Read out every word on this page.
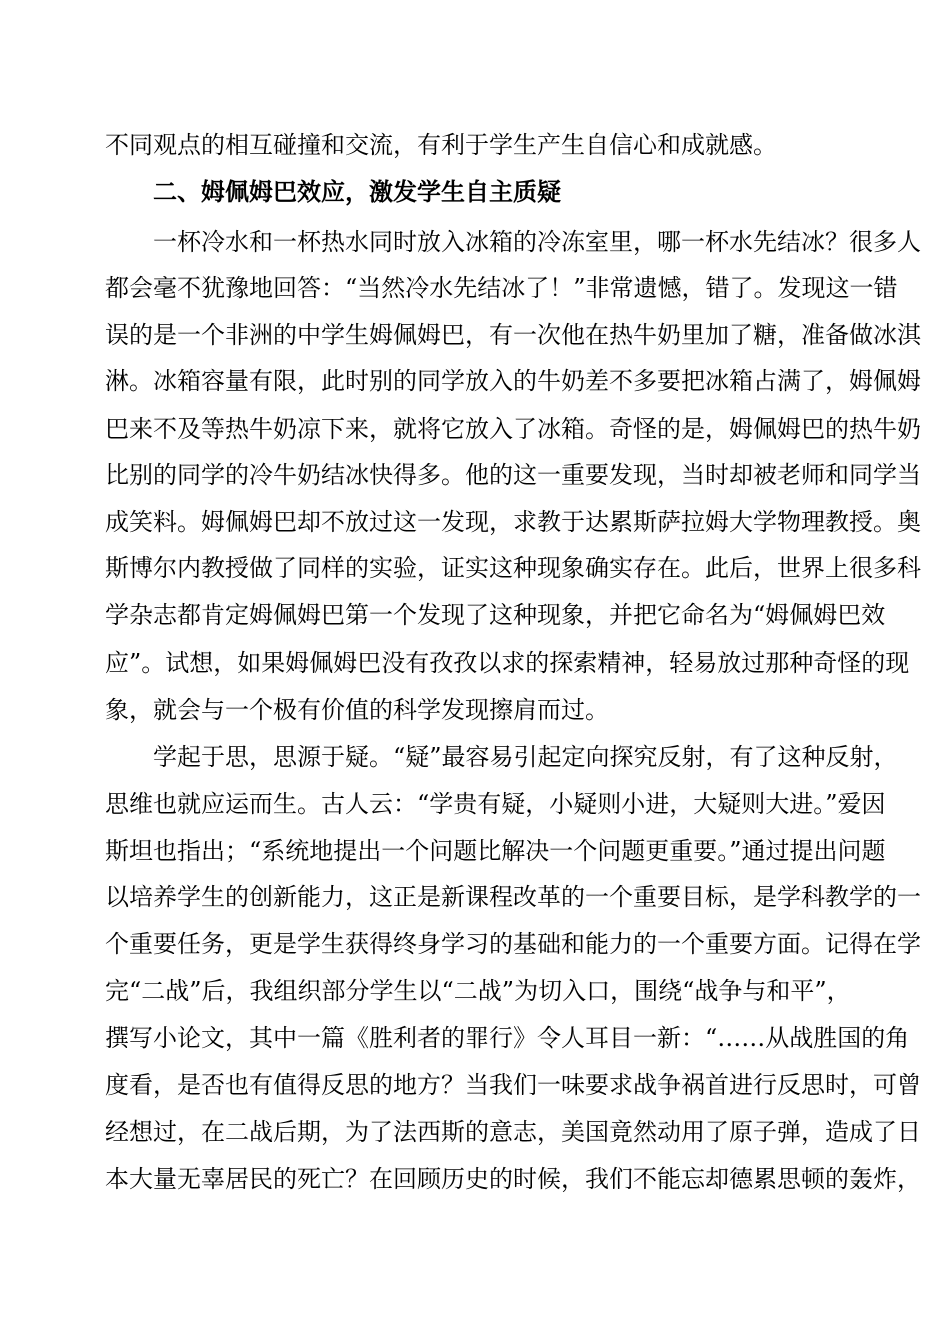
不同观点的相互碰撞和交流，有利于学生产生自信心和成就感。
二、姆佩姆巴效应，激发学生自主质疑
一杯冷水和一杯热水同时放入冰箱的冷冻室里，哪一杯水先结冰？很多人
都会毫不犹豫地回答：“当然冷水先结冰了！”非常遗憾，错了。发现这一错
误的是一个非洲的中学生姆佩姆巴，有一次他在热牛奶里加了糖，准备做冰淇
淋。冰箱容量有限，此时别的同学放入的牛奶差不多要把冰箱占满了，姆佩姆
巴来不及等热牛奶凉下来，就将它放入了冰箱。奇怪的是，姆佩姆巴的热牛奶
比别的同学的冷牛奶结冰快得多。他的这一重要发现，当时却被老师和同学当
成笑料。姆佩姆巴却不放过这一发现，求教于达累斯萨拉姆大学物理教授。奥
斯博尔内教授做了同样的实验，证实这种现象确实存在。此后，世界上很多科
学杂志都肯定姆佩姆巴第一个发现了这种现象，并把它命名为“姆佩姆巴效
应”。试想，如果姆佩姆巴没有孜孜以求的探索精神，轻易放过那种奇怪的现
象，就会与一个极有价值的科学发现擦肩而过。
学起于思，思源于疑。“疑”最容易引起定向探究反射，有了这种反射，
思维也就应运而生。古人云：“学贵有疑，小疑则小进，大疑则大进。”爱因
斯坦也指出；“系统地提出一个问题比解决一个问题更重要。”通过提出问题
以培养学生的创新能力，这正是新课程改革的一个重要目标，是学科教学的一
个重要任务，更是学生获得终身学习的基础和能力的一个重要方面。记得在学
完“二战”后，我组织部分学生以“二战”为切入口，围绕“战争与和平”，
撰写小论文，其中一篇《胜利者的罪行》令人耳目一新：“……从战胜国的角
度看，是否也有值得反思的地方？当我们一味要求战争祸首进行反思时，可曾
经想过，在二战后期，为了法西斯的意志，美国竟然动用了原子弹，造成了日
本大量无辜居民的死亡？在回顾历史的时候，我们不能忘却德累思顿的轰炸，
